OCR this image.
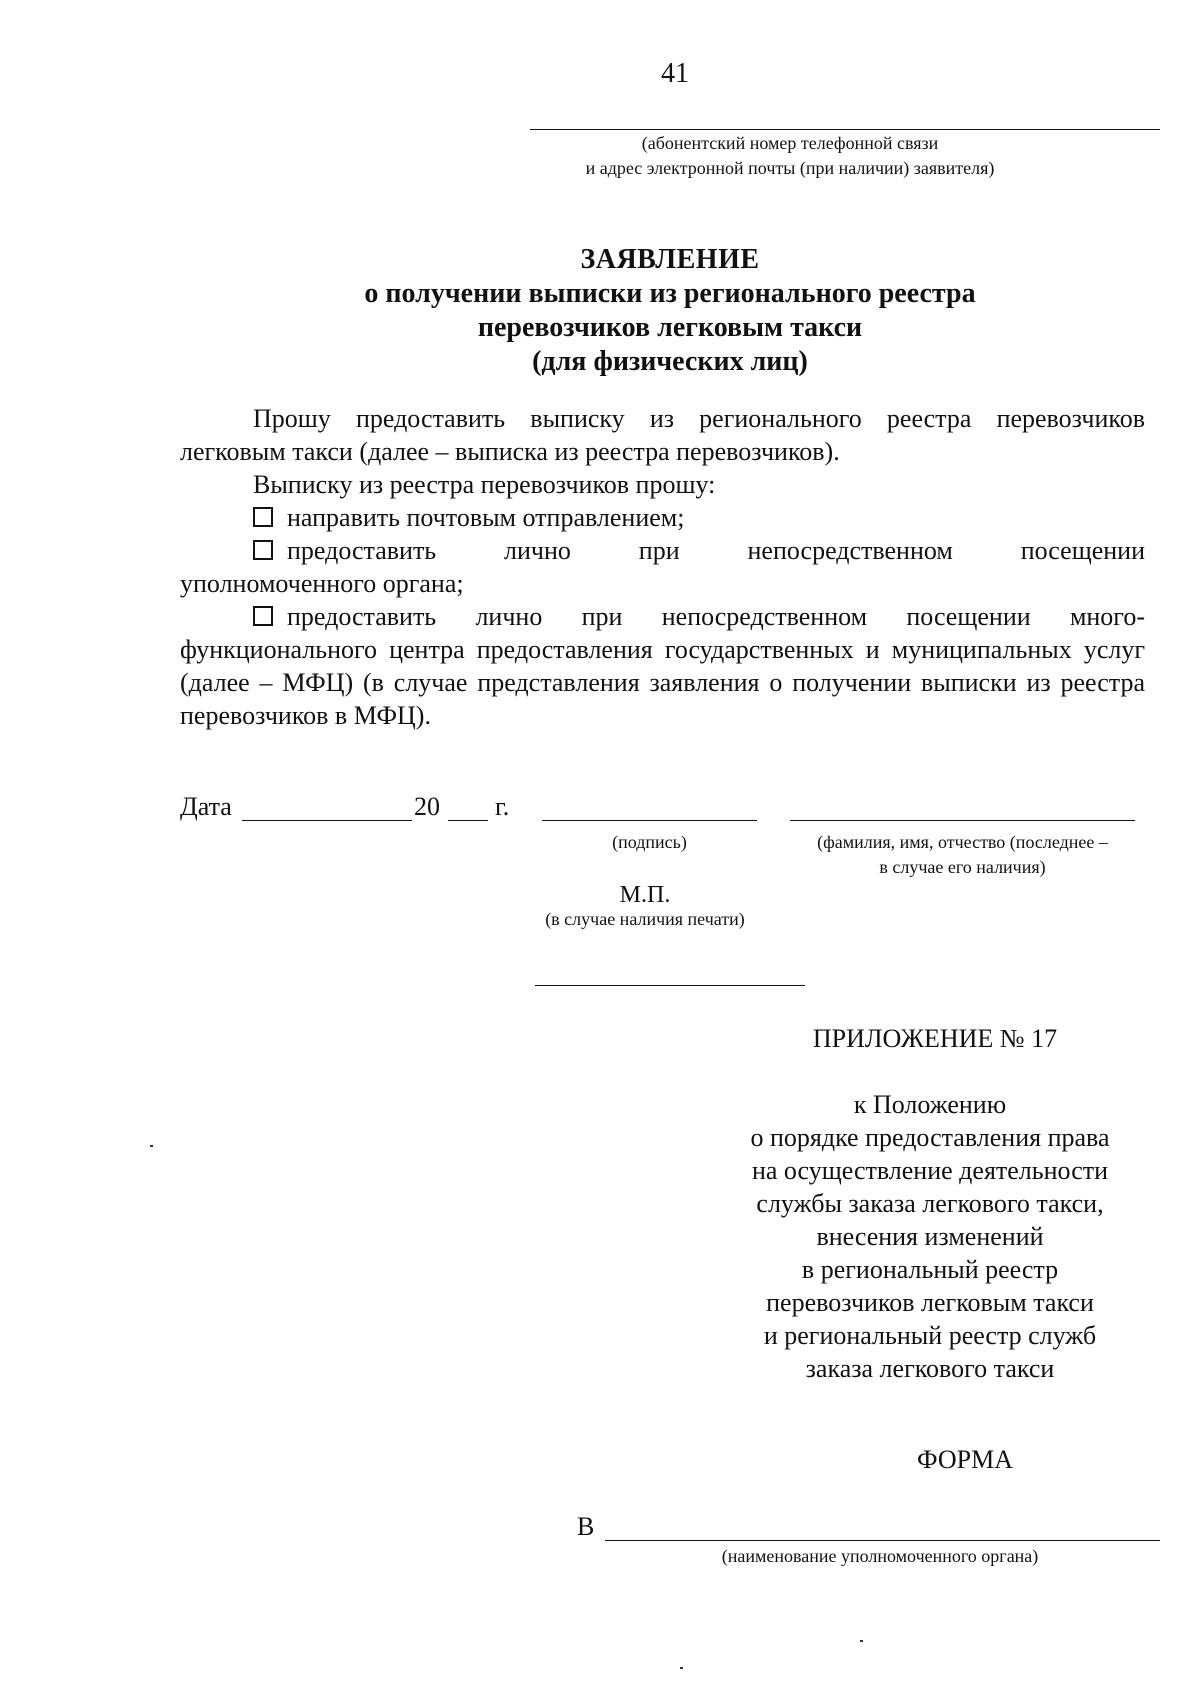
41
(абонентский номер телефонной связи
и адрес электронной почты (при наличии) заявителя)
ЗАЯВЛЕНИЕ
о получении выписки из регионального реестра
перевозчиков легковым такси
(для физических лиц)
Прошу предоставить выписку из регионального реестра перевозчиков легковым такси (далее – выписка из реестра перевозчиков).
Выписку из реестра перевозчиков прошу:
направить почтовым отправлением;
предоставить лично при непосредственном посещении
уполномоченного органа;
предоставить лично при непосредственном посещении много-функционального центра предоставления государственных и муниципальных услуг (далее – МФЦ) (в случае представления заявления о получении выписки из реестра перевозчиков в МФЦ).
Дата	20 г.
(подпись)	(фамилия, имя, отчество (последнее –
в случае его наличия)
М.П.
(в случае наличия печати)
ПРИЛОЖЕНИЕ № 17
к Положению
о порядке предоставления права
на осуществление деятельности
службы заказа легкового такси,
внесения изменений
в региональный реестр
перевозчиков легковым такси
и региональный реестр служб
заказа легкового такси
ФОРМА
В
(наименование уполномоченного органа)
